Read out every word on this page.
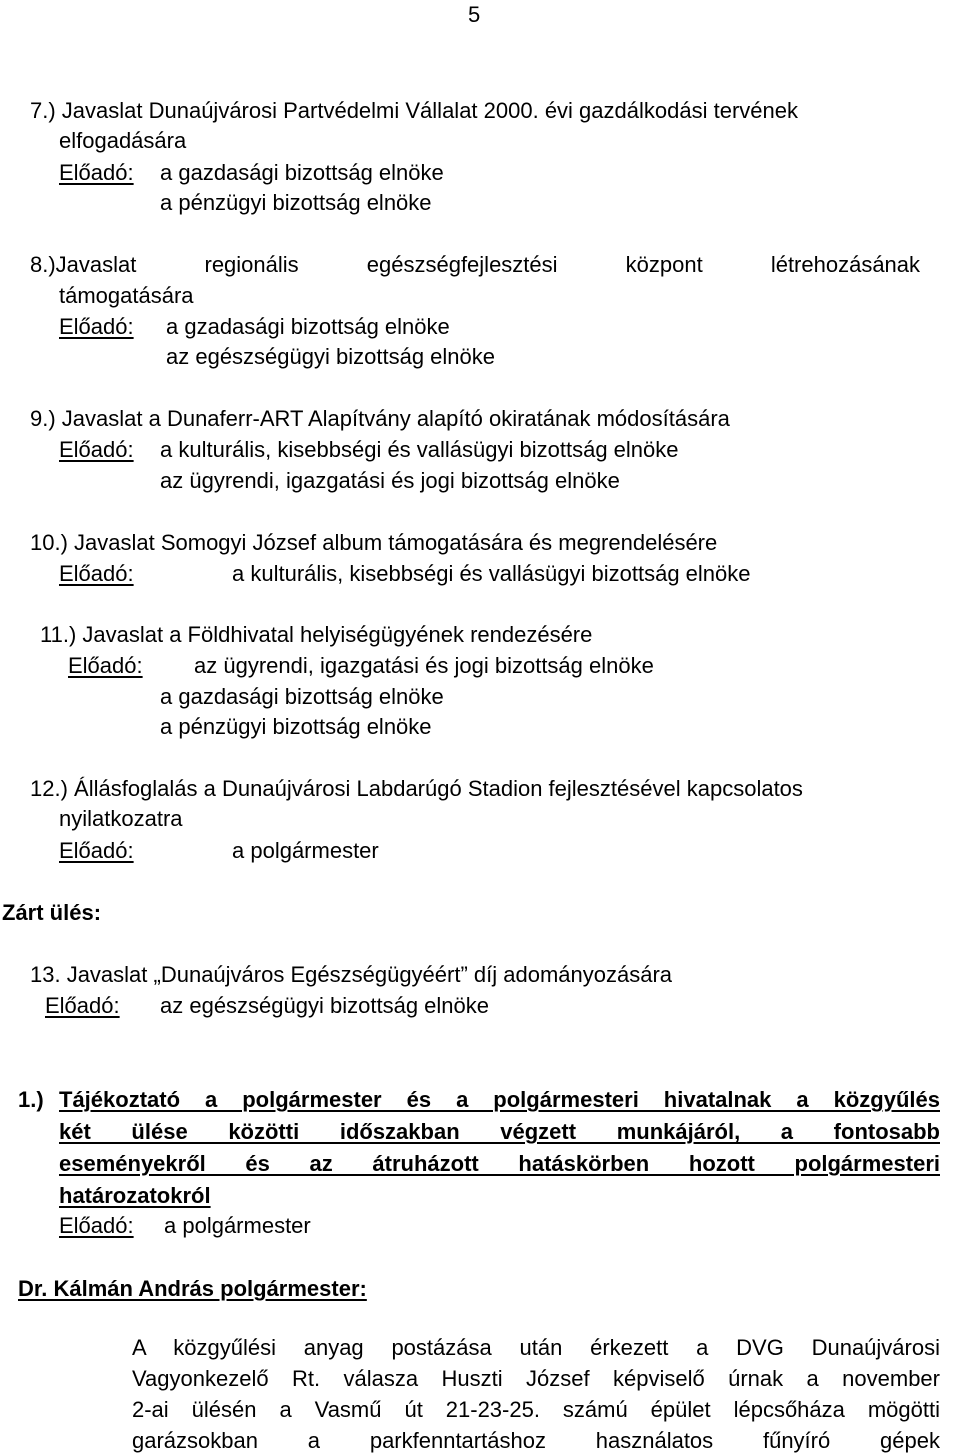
5
7.) Javaslat Dunaújvárosi Partvédelmi Vállalat 2000. évi gazdálkodási tervének
elfogadására
Előadó: a gazdasági bizottság elnöke
a pénzügyi bizottság elnöke
8.)Javaslat regionális egészségfejlesztési központ létrehozásának
támogatására
Előadó: a gzadasági bizottság elnöke
az egészségügyi bizottság elnöke
9.) Javaslat a Dunaferr-ART Alapítvány alapító okiratának módosítására
Előadó: a kulturális, kisebbségi és vallásügyi bizottság elnöke
az ügyrendi, igazgatási és jogi bizottság elnöke
10.) Javaslat Somogyi József album támogatására és megrendelésére
Előadó:	a kulturális, kisebbségi és vallásügyi bizottság elnöke
11.) Javaslat a Földhivatal helyiségügyének rendezésére
Előadó: az ügyrendi, igazgatási és jogi bizottság elnöke
a gazdasági bizottság elnöke
a pénzügyi bizottság elnöke
12.) Állásfoglalás a Dunaújvárosi Labdarúgó Stadion fejlesztésével kapcsolatos
nyilatkozatra
Előadó:	a polgármester
Zárt ülés:
13. Javaslat „Dunaújváros Egészségügyéért” díj adományozására
Előadó: az egészségügyi bizottság elnöke
1.) Tájékoztató a polgármester és a polgármesteri hivatalnak a közgyűlés
két ülése közötti időszakban végzett munkájáról, a fontosabb
eseményekről és az átruházott hatáskörben hozott polgármesteri
határozatokról
Előadó: a polgármester
Dr. Kálmán András polgármester:
A közgyűlési anyag postázása után érkezett a DVG Dunaújvárosi
Vagyonkezelő Rt. válasza Huszti József képviselő úrnak a november
2-ai ülésén a Vasmű út 21-23-25. számú épület lépcsőháza mögötti
garázsokban a parkfenntartáshoz használatos fűnyíró gépek
